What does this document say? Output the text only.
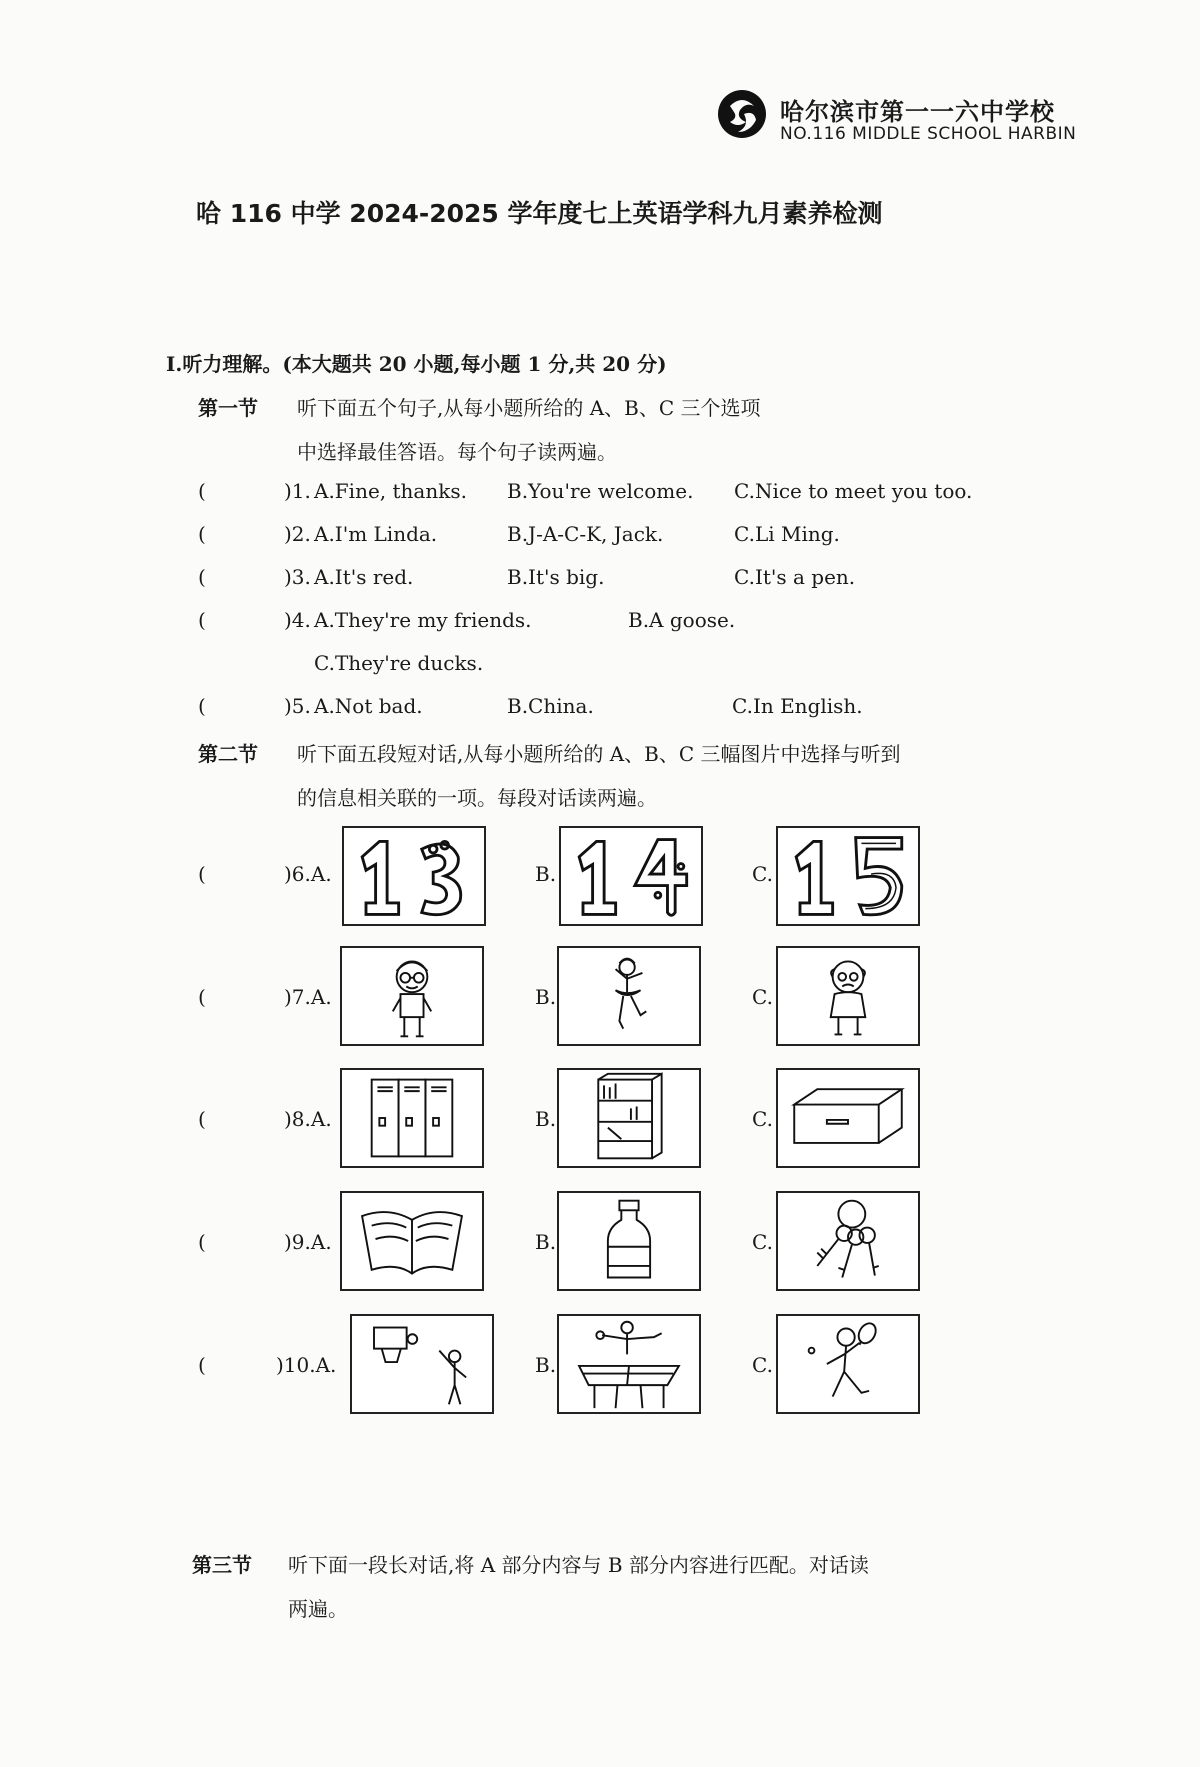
哈尔滨市第一一六中学校
NO.116 MIDDLE SCHOOL HARBIN
哈 116 中学 2024-2025 学年度七上英语学科九月素养检测
Ⅰ.听力理解。(本大题共 20 小题,每小题 1 分,共 20 分)
第一节 听下面五个句子,从每小题所给的 A、B、C 三个选项
中选择最佳答语。每个句子读两遍。
(	)1. A.Fine, thanks. B.You're welcome. C.Nice to meet you too.
(	)2. A.I'm Linda.	B.J-A-C-K, Jack.	C.Li Ming.
(	)3. A.It's red.	B.It's big.	C.It's a pen.
(	)4. A.They're my friends.	B.A goose.
C.They're ducks.
(	)5. A.Not bad.	B.China.	C.In English.
第二节 听下面五段短对话,从每小题所给的 A、B、C 三幅图片中选择与听到
的信息相关联的一项。每段对话读两遍。
(	)6.A.	B.	C.
(	)7.A.	B.	C.
(	)8.A.	B.	C.
(	)9.A.	B.	C.
(	)10.A.	B.	C.
第三节 听下面一段长对话,将 A 部分内容与 B 部分内容进行匹配。对话读
两遍。
